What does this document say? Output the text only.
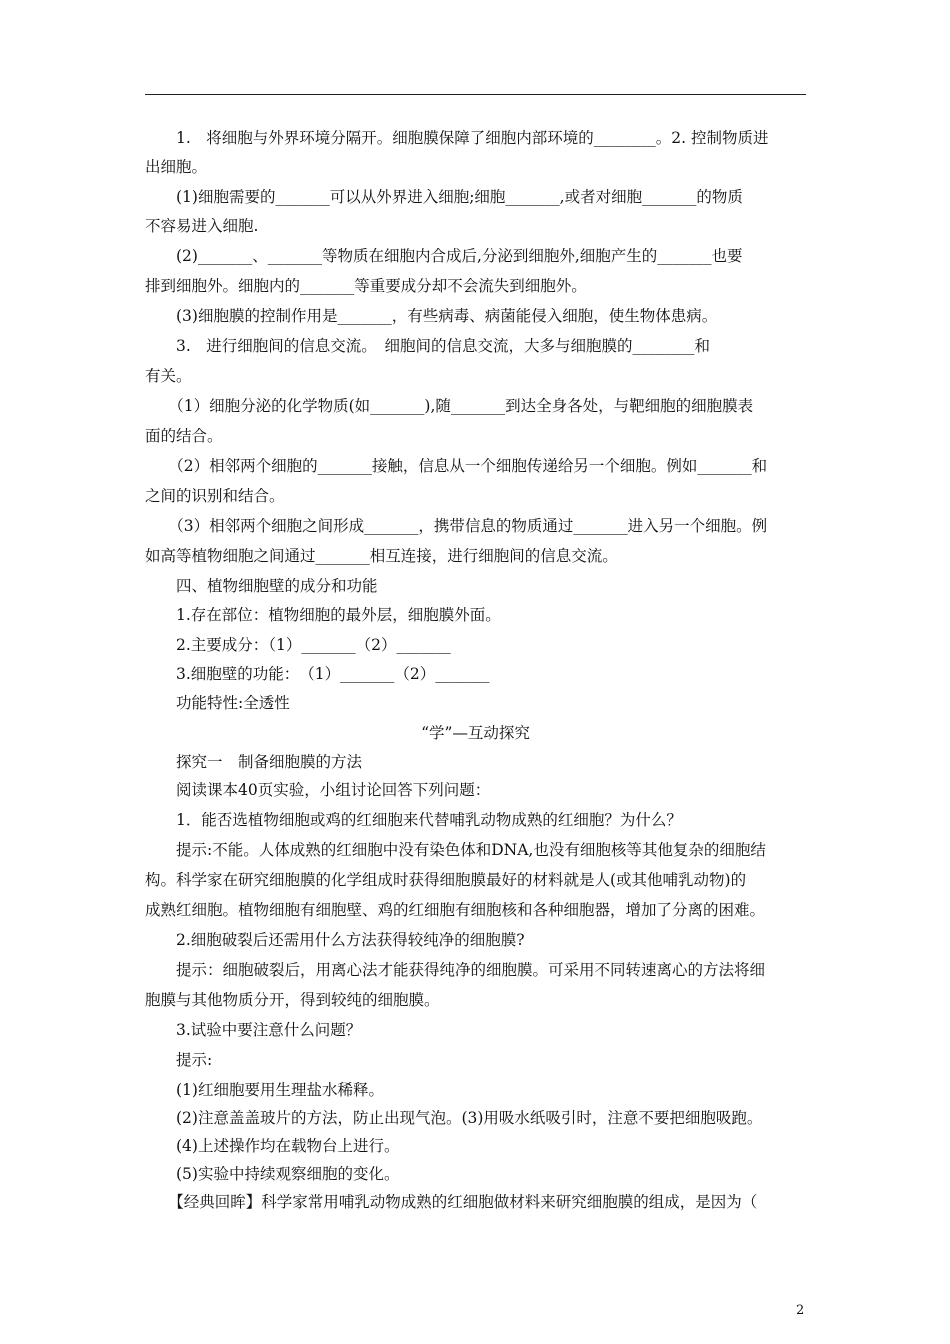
　　1.　将细胞与外界环境分隔开。细胞膜保障了细胞内部环境的________。2. 控制物质进
出细胞。
　　(1)细胞需要的_______可以从外界进入细胞;细胞_______,或者对细胞_______的物质
不容易进入细胞.
　　(2)_______、_______等物质在细胞内合成后,分泌到细胞外,细胞产生的_______也要
排到细胞外。细胞内的_______等重要成分却不会流失到细胞外。
　　(3)细胞膜的控制作用是_______，有些病毒、病菌能侵入细胞，使生物体患病。
　　3.　进行细胞间的信息交流。　细胞间的信息交流，大多与细胞膜的________和
有关。
　　（1）细胞分泌的化学物质(如_______),随_______到达全身各处，与靶细胞的细胞膜表
面的结合。
　　（2）相邻两个细胞的_______接触，信息从一个细胞传递给另一个细胞。例如_______和
之间的识别和结合。
　　（3）相邻两个细胞之间形成_______，携带信息的物质通过_______进入另一个细胞。例
如高等植物细胞之间通过_______相互连接，进行细胞间的信息交流。
　　四、植物细胞壁的成分和功能
　　1.存在部位：植物细胞的最外层，细胞膜外面。
　　2.主要成分：（1）_______（2）_______
　　3.细胞壁的功能：　（1）_______（2）_______
　　功能特性:全透性
“学”—互动探究
　　探究一　制备细胞膜的方法
　　阅读课本40页实验，小组讨论回答下列问题：
　　1．能否选植物细胞或鸡的红细胞来代替哺乳动物成熟的红细胞？为什么？
　　提示:不能。人体成熟的红细胞中没有染色体和DNA,也没有细胞核等其他复杂的细胞结
构。科学家在研究细胞膜的化学组成时获得细胞膜最好的材料就是人(或其他哺乳动物)的
成熟红细胞。植物细胞有细胞壁、鸡的红细胞有细胞核和各种细胞器，增加了分离的困难。
　　2.细胞破裂后还需用什么方法获得较纯净的细胞膜?
　　提示：细胞破裂后，用离心法才能获得纯净的细胞膜。可采用不同转速离心的方法将细
胞膜与其他物质分开，得到较纯的细胞膜。
　　3.试验中要注意什么问题？
　　提示:
　　(1)红细胞要用生理盐水稀释。
　　(2)注意盖盖玻片的方法，防止出现气泡。(3)用吸水纸吸引时，注意不要把细胞吸跑。
　　(4)上述操作均在载物台上进行。
　　(5)实验中持续观察细胞的变化。
　　【经典回眸】科学家常用哺乳动物成熟的红细胞做材料来研究细胞膜的组成，是因为（
2
